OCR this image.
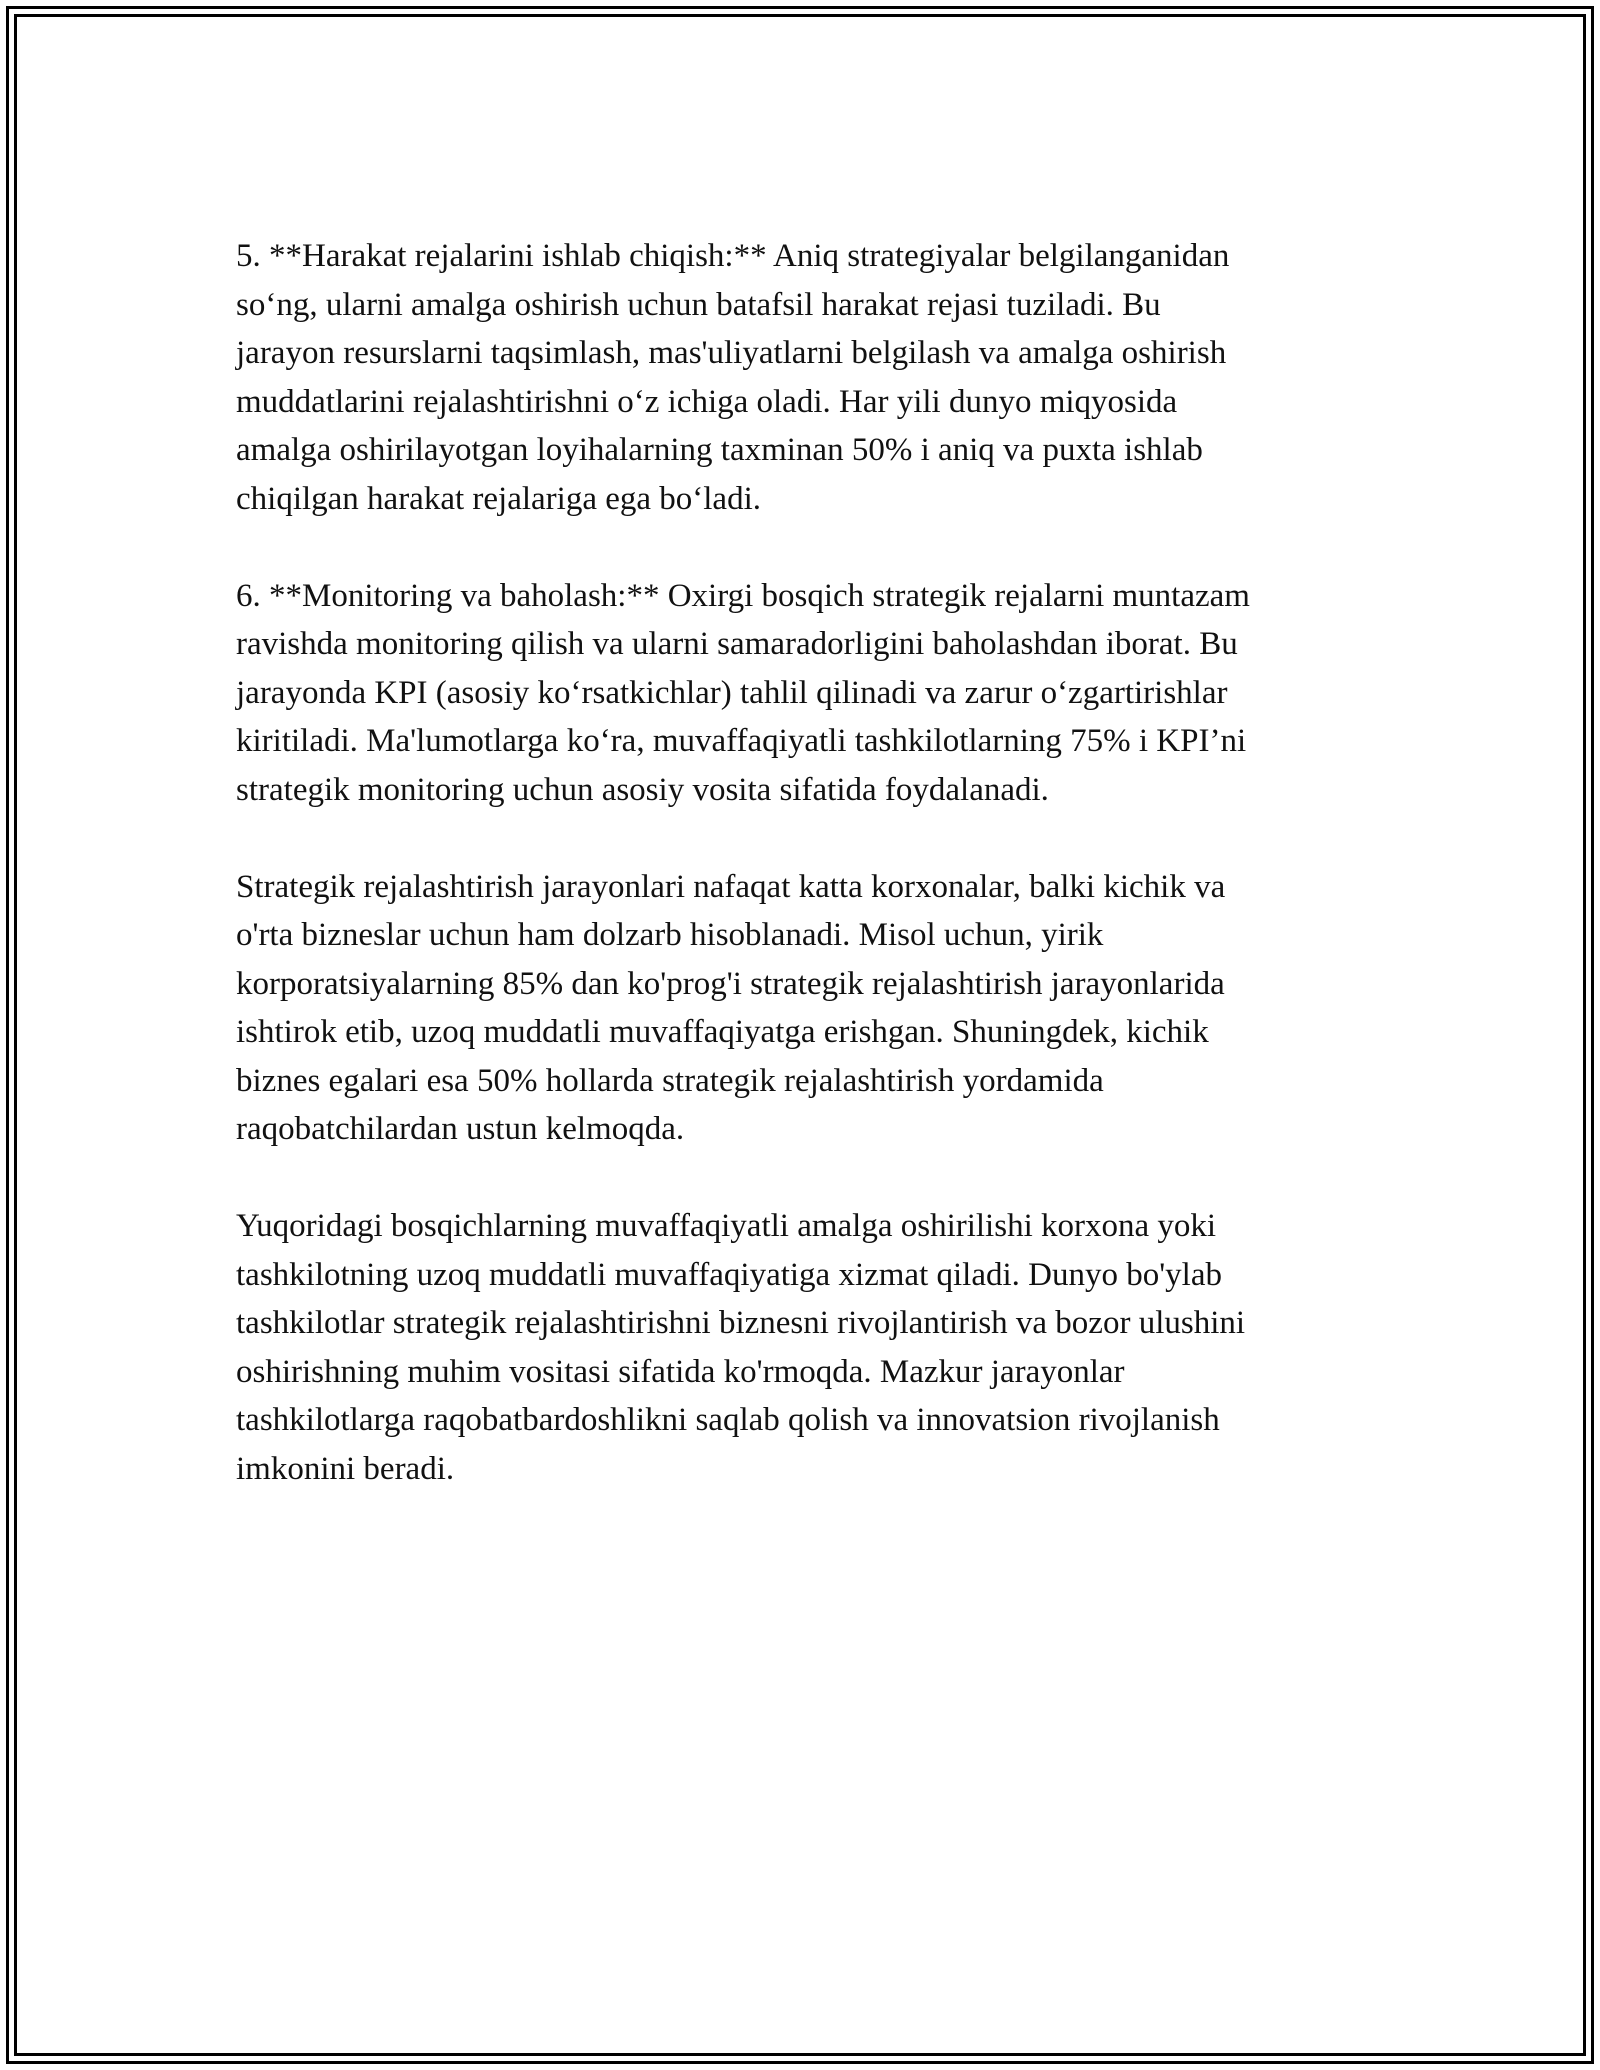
5. **Harakat rejalarini ishlab chiqish:** Aniq strategiyalar belgilanganidan
so‘ng, ularni amalga oshirish uchun batafsil harakat rejasi tuziladi. Bu
jarayon resurslarni taqsimlash, mas'uliyatlarni belgilash va amalga oshirish
muddatlarini rejalashtirishni o‘z ichiga oladi. Har yili dunyo miqyosida
amalga oshirilayotgan loyihalarning taxminan 50% i aniq va puxta ishlab
chiqilgan harakat rejalariga ega bo‘ladi.

6. **Monitoring va baholash:** Oxirgi bosqich strategik rejalarni muntazam
ravishda monitoring qilish va ularni samaradorligini baholashdan iborat. Bu
jarayonda KPI (asosiy ko‘rsatkichlar) tahlil qilinadi va zarur o‘zgartirishlar
kiritiladi. Ma'lumotlarga ko‘ra, muvaffaqiyatli tashkilotlarning 75% i KPI’ni
strategik monitoring uchun asosiy vosita sifatida foydalanadi.

Strategik rejalashtirish jarayonlari nafaqat katta korxonalar, balki kichik va
o'rta bizneslar uchun ham dolzarb hisoblanadi. Misol uchun, yirik
korporatsiyalarning 85% dan ko'prog'i strategik rejalashtirish jarayonlarida
ishtirok etib, uzoq muddatli muvaffaqiyatga erishgan. Shuningdek, kichik
biznes egalari esa 50% hollarda strategik rejalashtirish yordamida
raqobatchilardan ustun kelmoqda.

Yuqoridagi bosqichlarning muvaffaqiyatli amalga oshirilishi korxona yoki
tashkilotning uzoq muddatli muvaffaqiyatiga xizmat qiladi. Dunyo bo'ylab
tashkilotlar strategik rejalashtirishni biznesni rivojlantirish va bozor ulushini
oshirishning muhim vositasi sifatida ko'rmoqda. Mazkur jarayonlar
tashkilotlarga raqobatbardoshlikni saqlab qolish va innovatsion rivojlanish
imkonini beradi.
